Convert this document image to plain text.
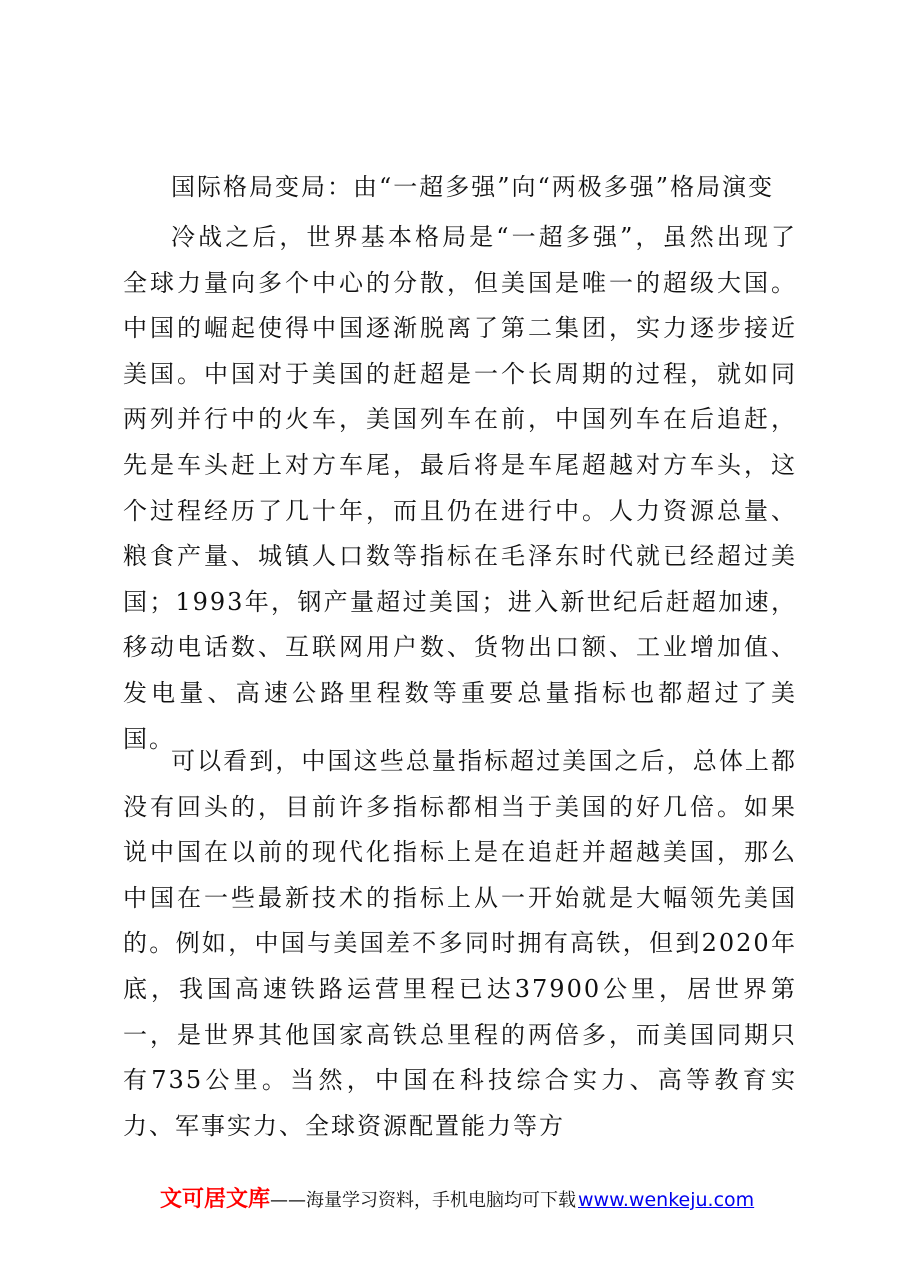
国际格局变局：由“一超多强”向“两极多强”格局演变

冷战之后，世界基本格局是“一超多强”，虽然出现了全球力量向多个中心的分散，但美国是唯一的超级大国。中国的崛起使得中国逐渐脱离了第二集团，实力逐步接近美国。中国对于美国的赶超是一个长周期的过程，就如同两列并行中的火车，美国列车在前，中国列车在后追赶，先是车头赶上对方车尾，最后将是车尾超越对方车头，这个过程经历了几十年，而且仍在进行中。人力资源总量、粮食产量、城镇人口数等指标在毛泽东时代就已经超过美国；1993年，钢产量超过美国；进入新世纪后赶超加速，移动电话数、互联网用户数、货物出口额、工业增加值、发电量、高速公路里程数等重要总量指标也都超过了美国。

可以看到，中国这些总量指标超过美国之后，总体上都没有回头的，目前许多指标都相当于美国的好几倍。如果说中国在以前的现代化指标上是在追赶并超越美国，那么中国在一些最新技术的指标上从一开始就是大幅领先美国的。例如，中国与美国差不多同时拥有高铁，但到2020年底，我国高速铁路运营里程已达37900公里，居世界第一，是世界其他国家高铁总里程的两倍多，而美国同期只有735公里。当然，中国在科技综合实力、高等教育实力、军事实力、全球资源配置能力等方

文可居文库 —— 海量学习资料，手机电脑均可下载 www.wenkeju.com
